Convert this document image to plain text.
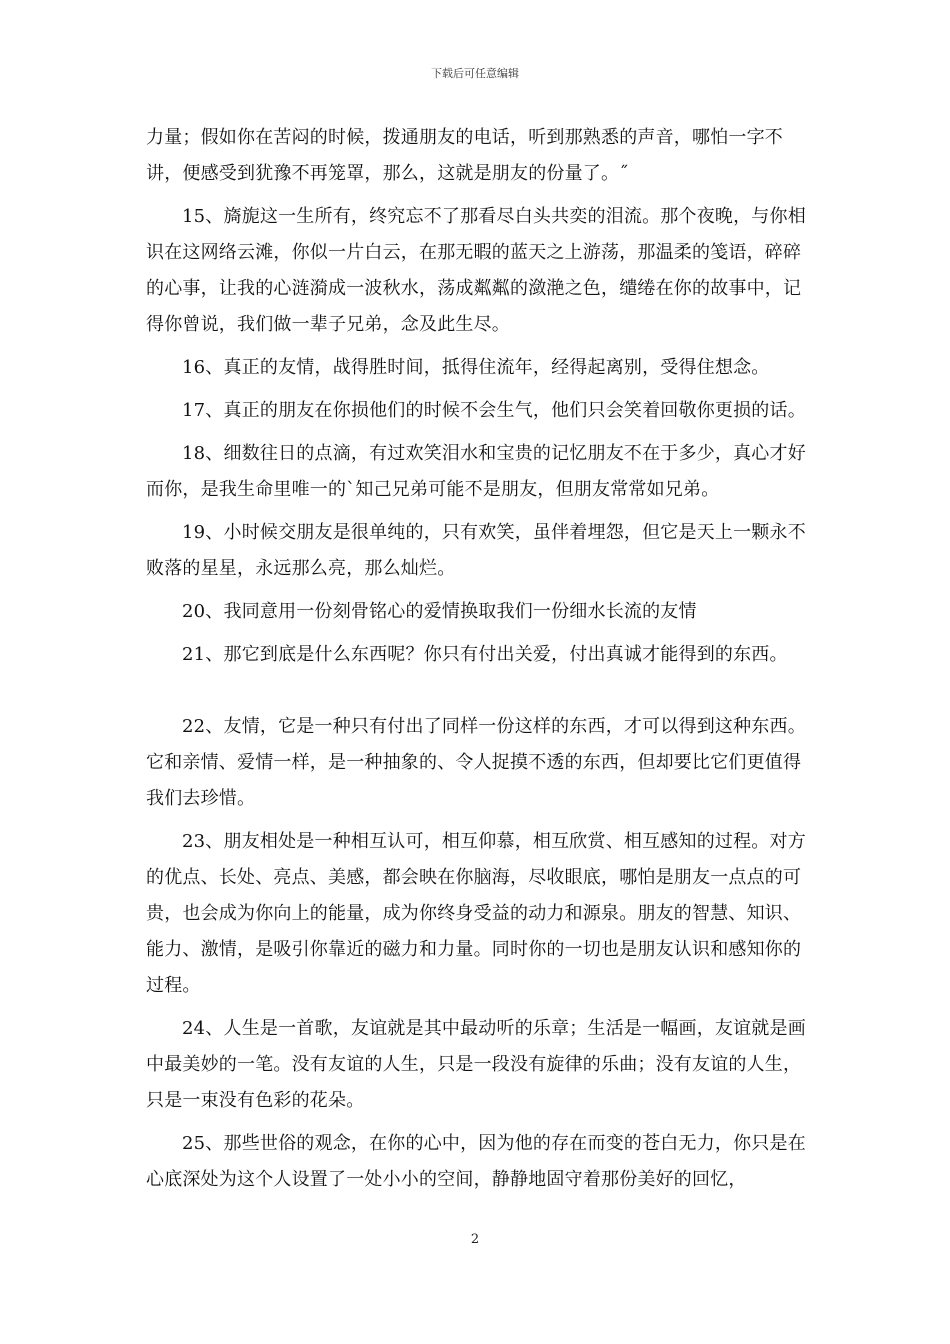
下载后可任意编辑

力量；假如你在苦闷的时候，拨通朋友的电话，听到那熟悉的声音，哪怕一字不讲，便感受到犹豫不再笼罩，那么，这就是朋友的份量了。˝

15、旖旎这一生所有，终究忘不了那看尽白头共奕的泪流。那个夜晚，与你相识在这网络云滩，你似一片白云，在那无暇的蓝天之上游荡，那温柔的笺语，碎碎的心事，让我的心涟漪成一波秋水，荡成粼粼的潋滟之色，缱绻在你的故事中，记得你曾说，我们做一辈子兄弟，念及此生尽。

16、真正的友情，战得胜时间，抵得住流年，经得起离别，受得住想念。

17、真正的朋友在你损他们的时候不会生气，他们只会笑着回敬你更损的话。

18、细数往日的点滴，有过欢笑泪水和宝贵的记忆朋友不在于多少，真心才好而你，是我生命里唯一的`知己兄弟可能不是朋友，但朋友常常如兄弟。

19、小时候交朋友是很单纯的，只有欢笑，虽伴着埋怨，但它是天上一颗永不败落的星星，永远那么亮，那么灿烂。

20、我同意用一份刻骨铭心的爱情换取我们一份细水长流的友情

21、那它到底是什么东西呢？你只有付出关爱，付出真诚才能得到的东西。

22、友情，它是一种只有付出了同样一份这样的东西，才可以得到这种东西。它和亲情、爱情一样，是一种抽象的、令人捉摸不透的东西，但却要比它们更值得我们去珍惜。

23、朋友相处是一种相互认可，相互仰慕，相互欣赏、相互感知的过程。对方的优点、长处、亮点、美感，都会映在你脑海，尽收眼底，哪怕是朋友一点点的可贵，也会成为你向上的能量，成为你终身受益的动力和源泉。朋友的智慧、知识、能力、激情，是吸引你靠近的磁力和力量。同时你的一切也是朋友认识和感知你的过程。

24、人生是一首歌，友谊就是其中最动听的乐章；生活是一幅画，友谊就是画中最美妙的一笔。没有友谊的人生，只是一段没有旋律的乐曲；没有友谊的人生，只是一束没有色彩的花朵。

25、那些世俗的观念，在你的心中，因为他的存在而变的苍白无力，你只是在心底深处为这个人设置了一处小小的空间，静静地固守着那份美好的回忆，

2
